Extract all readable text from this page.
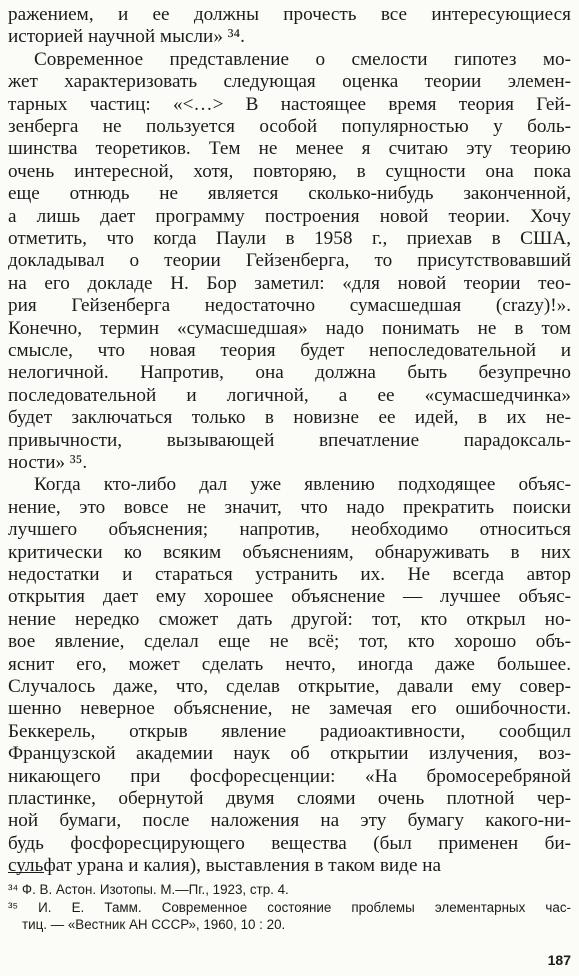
ражением, и ее должны прочесть все интересующиеся
историей научной мысли» ³⁴.
Современное представление о смелости гипотез мо-
жет характеризовать следующая оценка теории элемен-
тарных частиц: «<…> В настоящее время теория Гей-
зенберга не пользуется особой популярностью у боль-
шинства теоретиков. Тем не менее я считаю эту теорию
очень интересной, хотя, повторяю, в сущности она пока
еще отнюдь не является сколько-нибудь законченной,
а лишь дает программу построения новой теории. Хочу
отметить, что когда Паули в 1958 г., приехав в США,
докладывал о теории Гейзенберга, то присутствовавший
на его докладе Н. Бор заметил: «для новой теории тео-
рия Гейзенберга недостаточно сумасшедшая (crazy)!».
Конечно, термин «сумасшедшая» надо понимать не в том
смысле, что новая теория будет непоследовательной и
нелогичной. Напротив, она должна быть безупречно
последовательной и логичной, а ее «сумасшедчинка»
будет заключаться только в новизне ее идей, в их не-
привычности, вызывающей впечатление парадоксаль-
ности» ³⁵.
Когда кто-либо дал уже явлению подходящее объяс-
нение, это вовсе не значит, что надо прекратить поиски
лучшего объяснения; напротив, необходимо относиться
критически ко всяким объяснениям, обнаруживать в них
недостатки и стараться устранить их. Не всегда автор
открытия дает ему хорошее объяснение — лучшее объяс-
нение нередко сможет дать другой: тот, кто открыл но-
вое явление, сделал еще не всё; тот, кто хорошо объ-
яснит его, может сделать нечто, иногда даже большее.
Случалось даже, что, сделав открытие, давали ему совер-
шенно неверное объяснение, не замечая его ошибочности.
Беккерель, открыв явление радиоактивности, сообщил
Французской академии наук об открытии излучения, воз-
никающего при фосфоресценции: «На бромосеребряной
пластинке, обернутой двумя слоями очень плотной чер-
ной бумаги, после наложения на эту бумагу какого-ни-
будь фосфоресцирующего вещества (был применен би-
сульфат урана и калия), выставления в таком виде на
³⁴ Ф. В. Астон. Изотопы. М.—Пг., 1923, стр. 4.
³⁵ И. Е. Тамм. Современное состояние проблемы элементарных час-
тиц. — «Вестник АН СССР», 1960, 10 : 20.
187
